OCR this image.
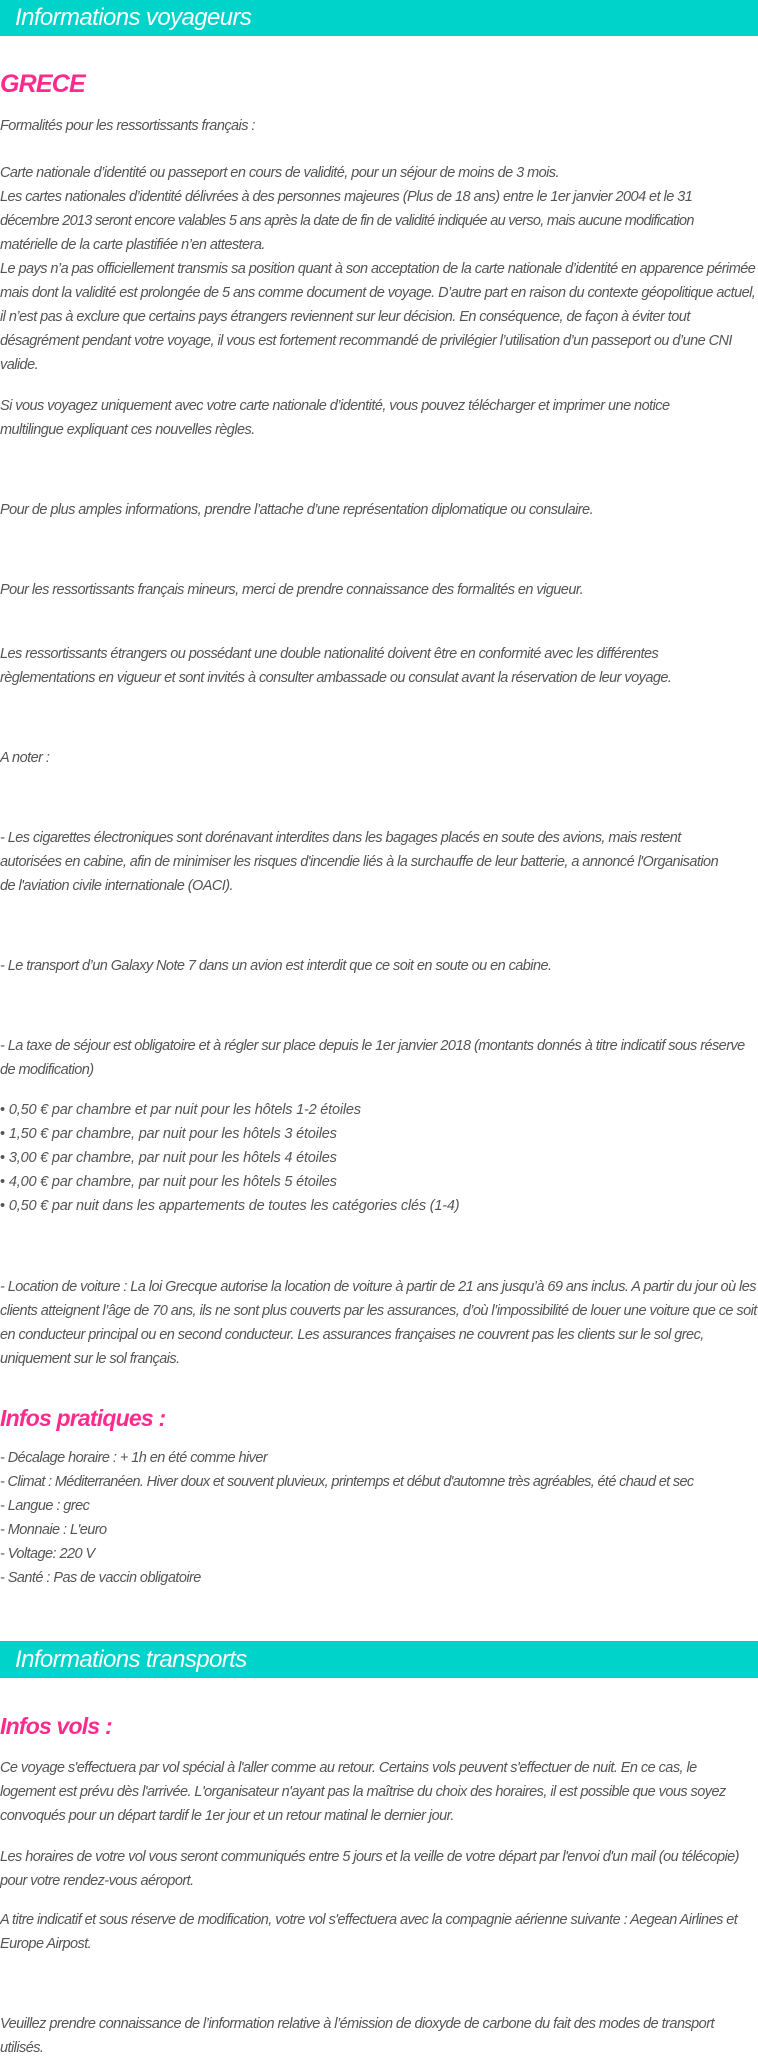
Informations voyageurs
GRECE

Formalités pour les ressortissants français :

Carte nationale d’identité ou passeport en cours de validité, pour un séjour de moins de 3 mois.
Les cartes nationales d’identité délivrées à des personnes majeures (Plus de 18 ans) entre le 1er janvier 2004 et le 31
décembre 2013 seront encore valables 5 ans après la date de fin de validité indiquée au verso, mais aucune modification
matérielle de la carte plastifiée n’en attestera.

Le pays n’a pas officiellement transmis sa position quant à son acceptation de la carte nationale d’identité en apparence périmée mais dont la validité est prolongée de 5 ans comme document de voyage. D’autre part en raison du contexte géopolitique actuel, il n’est pas à exclure que certains pays étrangers reviennent sur leur décision. En conséquence, de façon à éviter tout désagrément pendant votre voyage, il vous est fortement recommandé de privilégier l’utilisation d’un passeport ou d’une CNI valide.

Si vous voyagez uniquement avec votre carte nationale d’identité, vous pouvez télécharger et imprimer une notice multilingue expliquant ces nouvelles règles.

Pour de plus amples informations, prendre l’attache d’une représentation diplomatique ou consulaire.

Pour les ressortissants français mineurs, merci de prendre connaissance des formalités en vigueur.

Les ressortissants étrangers ou possédant une double nationalité doivent être en conformité avec les différentes règlementations en vigueur et sont invités à consulter ambassade ou consulat avant la réservation de leur voyage.

A noter :

- Les cigarettes électroniques sont dorénavant interdites dans les bagages placés en soute des avions, mais restent autorisées en cabine, afin de minimiser les risques d'incendie liés à la surchauffe de leur batterie, a annoncé l'Organisation de l'aviation civile internationale (OACI).

- Le transport d’un Galaxy Note 7 dans un avion est interdit que ce soit en soute ou en cabine.

- La taxe de séjour est obligatoire et à régler sur place depuis le 1er janvier 2018 (montants donnés à titre indicatif sous réserve de modification)

• 0,50 € par chambre et par nuit pour les hôtels 1-2 étoiles
• 1,50 € par chambre, par nuit pour les hôtels 3 étoiles
• 3,00 € par chambre, par nuit pour les hôtels 4 étoiles
• 4,00 € par chambre, par nuit pour les hôtels 5 étoiles
• 0,50 € par nuit dans les appartements de toutes les catégories clés (1-4)

- Location de voiture : La loi Grecque autorise la location de voiture à partir de 21 ans jusqu’à 69 ans inclus. A partir du jour où les clients atteignent l’âge de 70 ans, ils ne sont plus couverts par les assurances, d’où l’impossibilité de louer une voiture que ce soit en conducteur principal ou en second conducteur. Les assurances françaises ne couvrent pas les clients sur le sol grec, uniquement sur le sol français.

Infos pratiques :
- Décalage horaire : + 1h en été comme hiver
- Climat : Méditerranéen. Hiver doux et souvent pluvieux, printemps et début d'automne très agréables, été chaud et sec
- Langue : grec
- Monnaie : L'euro
- Voltage: 220 V
- Santé : Pas de vaccin obligatoire
Informations transports
Infos vols :

Ce voyage s'effectuera par vol spécial à l'aller comme au retour. Certains vols peuvent s'effectuer de nuit. En ce cas, le logement est prévu dès l'arrivée. L'organisateur n'ayant pas la maîtrise du choix des horaires, il est possible que vous soyez convoqués pour un départ tardif le 1er jour et un retour matinal le dernier jour.

Les horaires de votre vol vous seront communiqués entre 5 jours et la veille de votre départ par l'envoi d'un mail (ou télécopie) pour votre rendez-vous aéroport.

A titre indicatif et sous réserve de modification, votre vol s'effectuera avec la compagnie aérienne suivante : Aegean Airlines et Europe Airpost.

Veuillez prendre connaissance de l’information relative à l’émission de dioxyde de carbone du fait des modes de transport utilisés.
